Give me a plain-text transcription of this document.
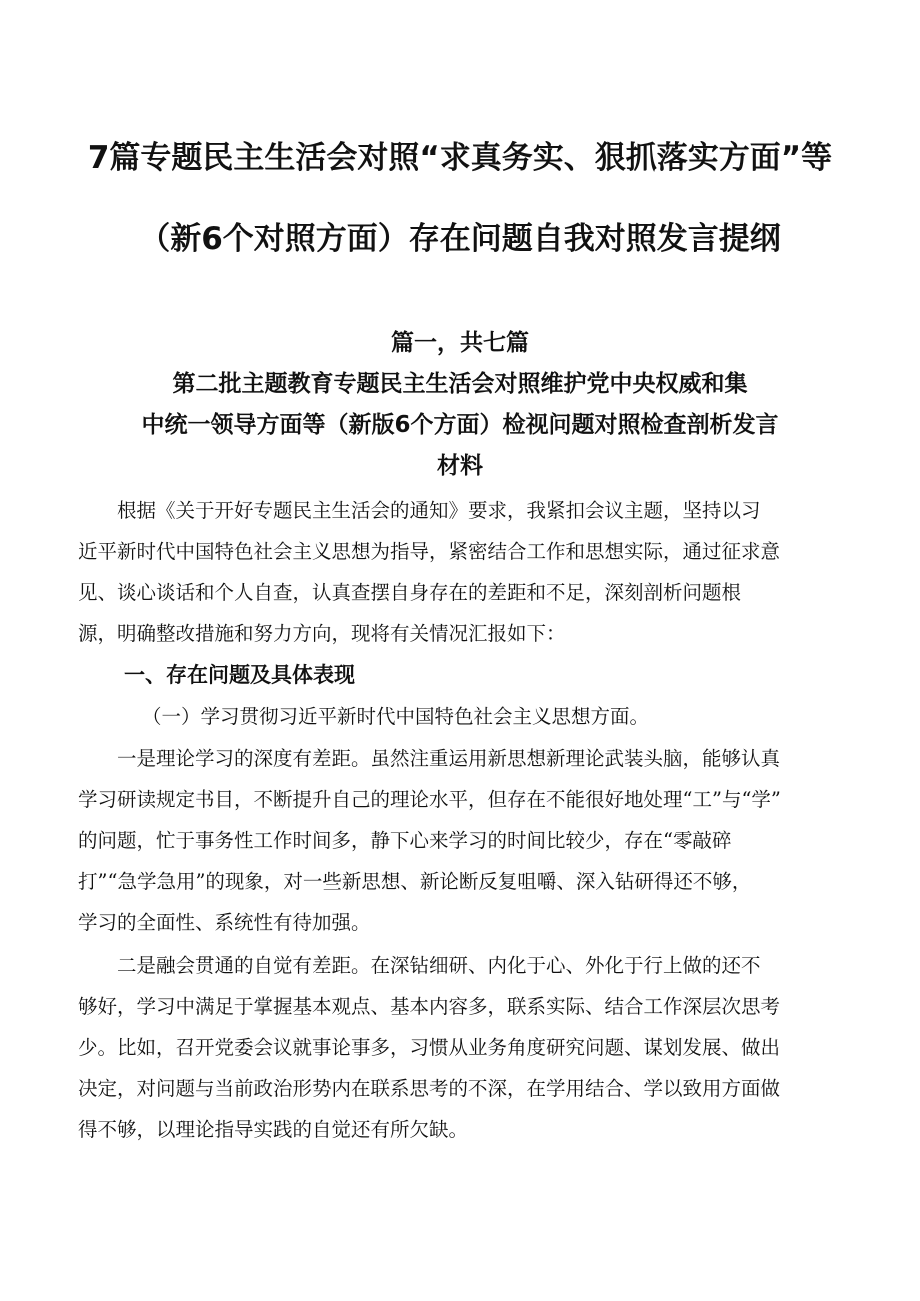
7篇专题民主生活会对照“求真务实、狠抓落实方面”等
（新6个对照方面）存在问题自我对照发言提纲
篇一，共七篇
第二批主题教育专题民主生活会对照维护党中央权威和集
中统一领导方面等（新版6个方面）检视问题对照检查剖析发言
材料
　　根据《关于开好专题民主生活会的通知》要求，我紧扣会议主题，坚持以习
近平新时代中国特色社会主义思想为指导，紧密结合工作和思想实际，通过征求意
见、谈心谈话和个人自查，认真查摆自身存在的差距和不足，深刻剖析问题根
源，明确整改措施和努力方向，现将有关情况汇报如下：
一、存在问题及具体表现
（一）学习贯彻习近平新时代中国特色社会主义思想方面。
　　一是理论学习的深度有差距。虽然注重运用新思想新理论武装头脑，能够认真
学习研读规定书目，不断提升自己的理论水平，但存在不能很好地处理“工”与“学”
的问题，忙于事务性工作时间多，静下心来学习的时间比较少，存在“零敲碎
打”“急学急用”的现象，对一些新思想、新论断反复咀嚼、深入钻研得还不够，
学习的全面性、系统性有待加强。
　　二是融会贯通的自觉有差距。在深钻细研、内化于心、外化于行上做的还不
够好，学习中满足于掌握基本观点、基本内容多，联系实际、结合工作深层次思考
少。比如，召开党委会议就事论事多，习惯从业务角度研究问题、谋划发展、做出
决定，对问题与当前政治形势内在联系思考的不深，在学用结合、学以致用方面做
得不够，以理论指导实践的自觉还有所欠缺。
